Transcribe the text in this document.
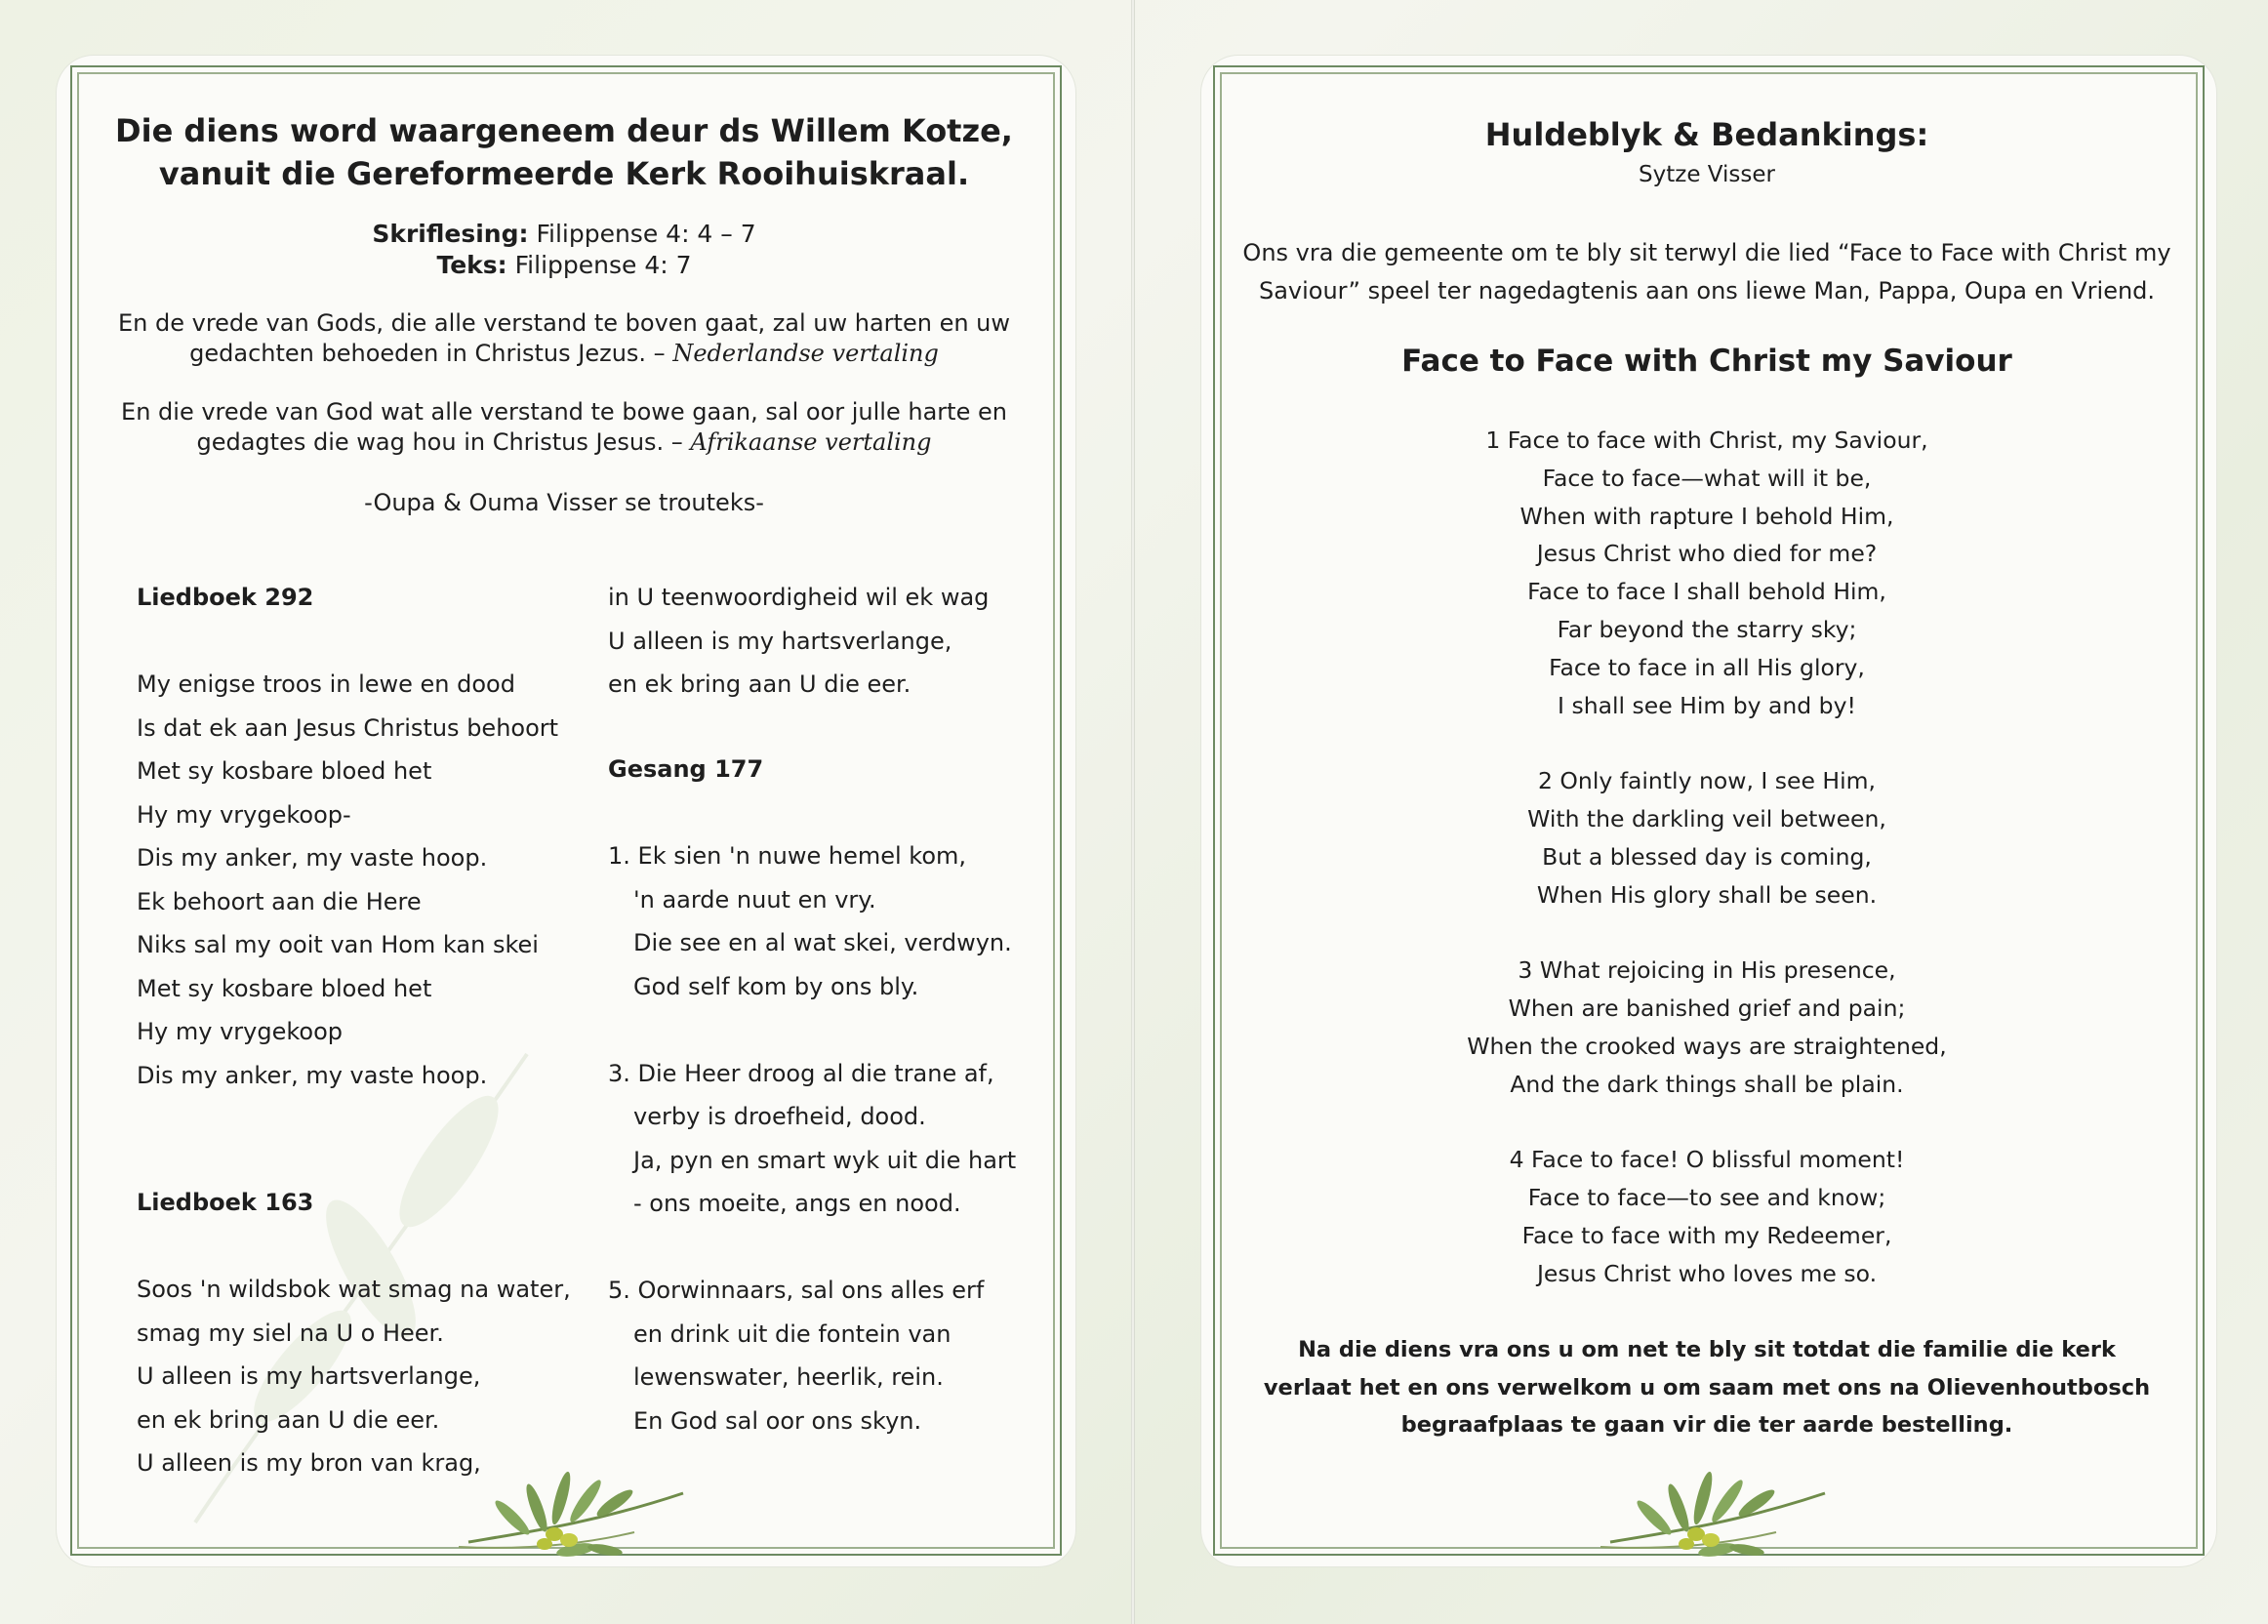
Die diens word waargeneem deur ds Willem Kotze,
vanuit die Gereformeerde Kerk Rooihuiskraal.
Skriflesing: Filippense 4: 4 – 7
Teks: Filippense 4: 7
En de vrede van Gods, die alle verstand te boven gaat, zal uw harten en uw
gedachten behoeden in Christus Jezus. – Nederlandse vertaling
En die vrede van God wat alle verstand te bowe gaan, sal oor julle harte en
gedagtes die wag hou in Christus Jesus. – Afrikaanse vertaling
-Oupa & Ouma Visser se trouteks-
Liedboek 292

My enigse troos in lewe en dood
Is dat ek aan Jesus Christus behoort
Met sy kosbare bloed het
Hy my vrygekoop-
Dis my anker, my vaste hoop.
Ek behoort aan die Here
Niks sal my ooit van Hom kan skei
Met sy kosbare bloed het
Hy my vrygekoop
Dis my anker, my vaste hoop.
Liedboek 163

Soos 'n wildsbok wat smag na water,
smag my siel na U o Heer.
U alleen is my hartsverlange,
en ek bring aan U die eer.
U alleen is my bron van krag,
in U teenwoordigheid wil ek wag
U alleen is my hartsverlange,
en ek bring aan U die eer.
Gesang 177

1. Ek sien 'n nuwe hemel kom,
'n aarde nuut en vry.
Die see en al wat skei, verdwyn.
God self kom by ons bly.

3. Die Heer droog al die trane af,
verby is droefheid, dood.
Ja, pyn en smart wyk uit die hart
- ons moeite, angs en nood.

5. Oorwinnaars, sal ons alles erf
en drink uit die fontein van
lewenswater, heerlik, rein.
En God sal oor ons skyn.
Huldeblyk & Bedankings:
Sytze Visser
Ons vra die gemeente om te bly sit terwyl die lied “Face to Face with Christ my
Saviour” speel ter nagedagtenis aan ons liewe Man, Pappa, Oupa en Vriend.
Face to Face with Christ my Saviour
1 Face to face with Christ, my Saviour,
Face to face—what will it be,
When with rapture I behold Him,
Jesus Christ who died for me?
Face to face I shall behold Him,
Far beyond the starry sky;
Face to face in all His glory,
I shall see Him by and by!
2 Only faintly now, I see Him,
With the darkling veil between,
But a blessed day is coming,
When His glory shall be seen.
3 What rejoicing in His presence,
When are banished grief and pain;
When the crooked ways are straightened,
And the dark things shall be plain.
4 Face to face! O blissful moment!
Face to face—to see and know;
Face to face with my Redeemer,
Jesus Christ who loves me so.
Na die diens vra ons u om net te bly sit totdat die familie die kerk
verlaat het en ons verwelkom u om saam met ons na Olievenhoutbosch
begraafplaas te gaan vir die ter aarde bestelling.
